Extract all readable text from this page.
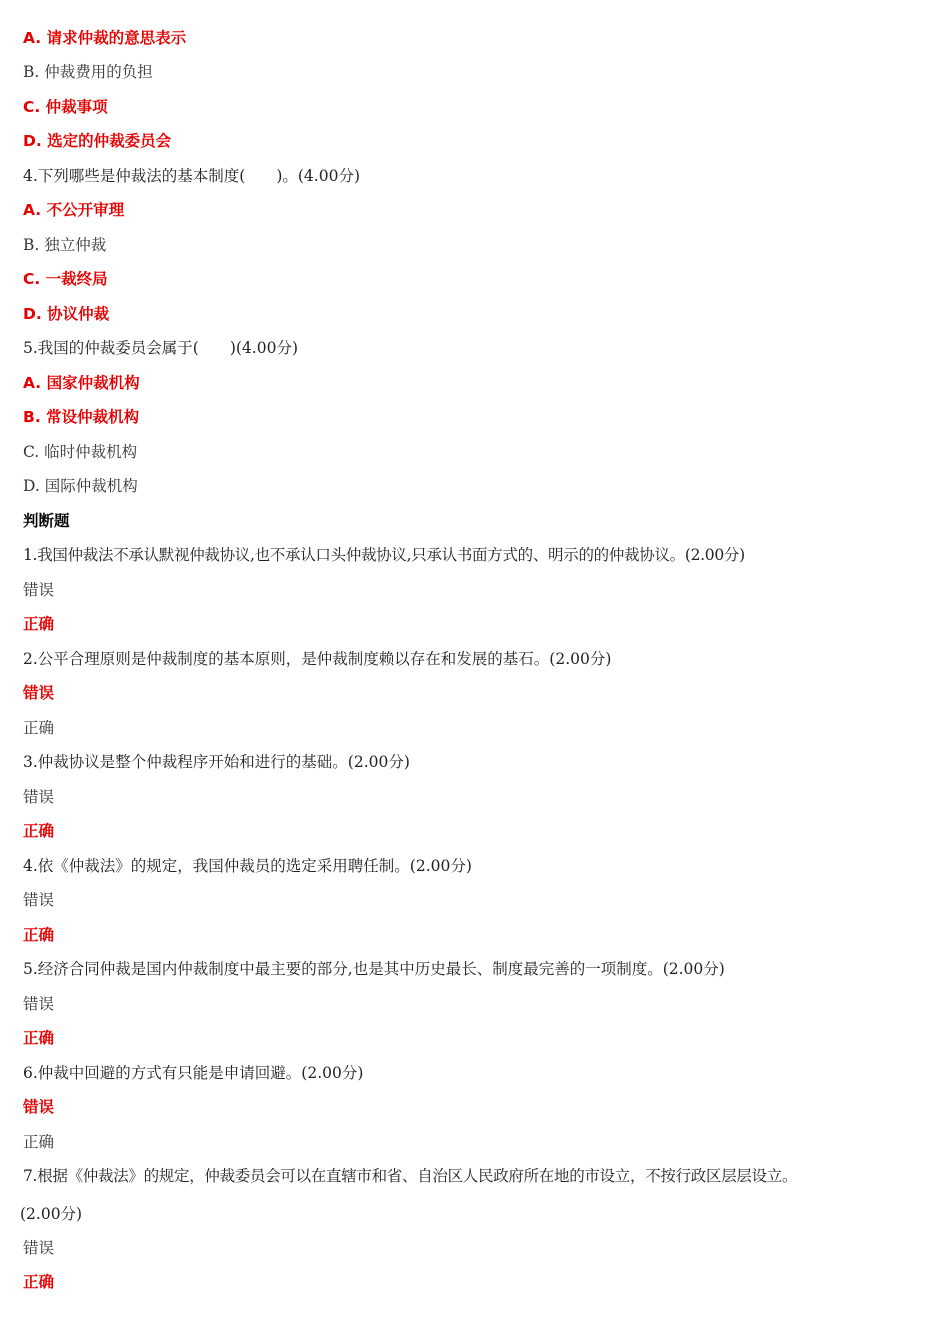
A. 请求仲裁的意思表示
B. 仲裁费用的负担
C. 仲裁事项
D. 选定的仲裁委员会
4.下列哪些是仲裁法的基本制度(　　)。(4.00分)
A. 不公开审理
B. 独立仲裁
C. 一裁终局
D. 协议仲裁
5.我国的仲裁委员会属于(　　)(4.00分)
A. 国家仲裁机构
B. 常设仲裁机构
C. 临时仲裁机构
D. 国际仲裁机构
判断题
1.我国仲裁法不承认默视仲裁协议,也不承认口头仲裁协议,只承认书面方式的、明示的的仲裁协议。(2.00分)
错误
正确
2.公平合理原则是仲裁制度的基本原则，是仲裁制度赖以存在和发展的基石。(2.00分)
错误
正确
3.仲裁协议是整个仲裁程序开始和进行的基础。(2.00分)
错误
正确
4.依《仲裁法》的规定，我国仲裁员的选定采用聘任制。(2.00分)
错误
正确
5.经济合同仲裁是国内仲裁制度中最主要的部分,也是其中历史最长、制度最完善的一项制度。(2.00分)
错误
正确
6.仲裁中回避的方式有只能是申请回避。(2.00分)
错误
正确
7.根据《仲裁法》的规定，仲裁委员会可以在直辖市和省、自治区人民政府所在地的市设立，不按行政区层层设立。
(2.00分)
错误
正确
